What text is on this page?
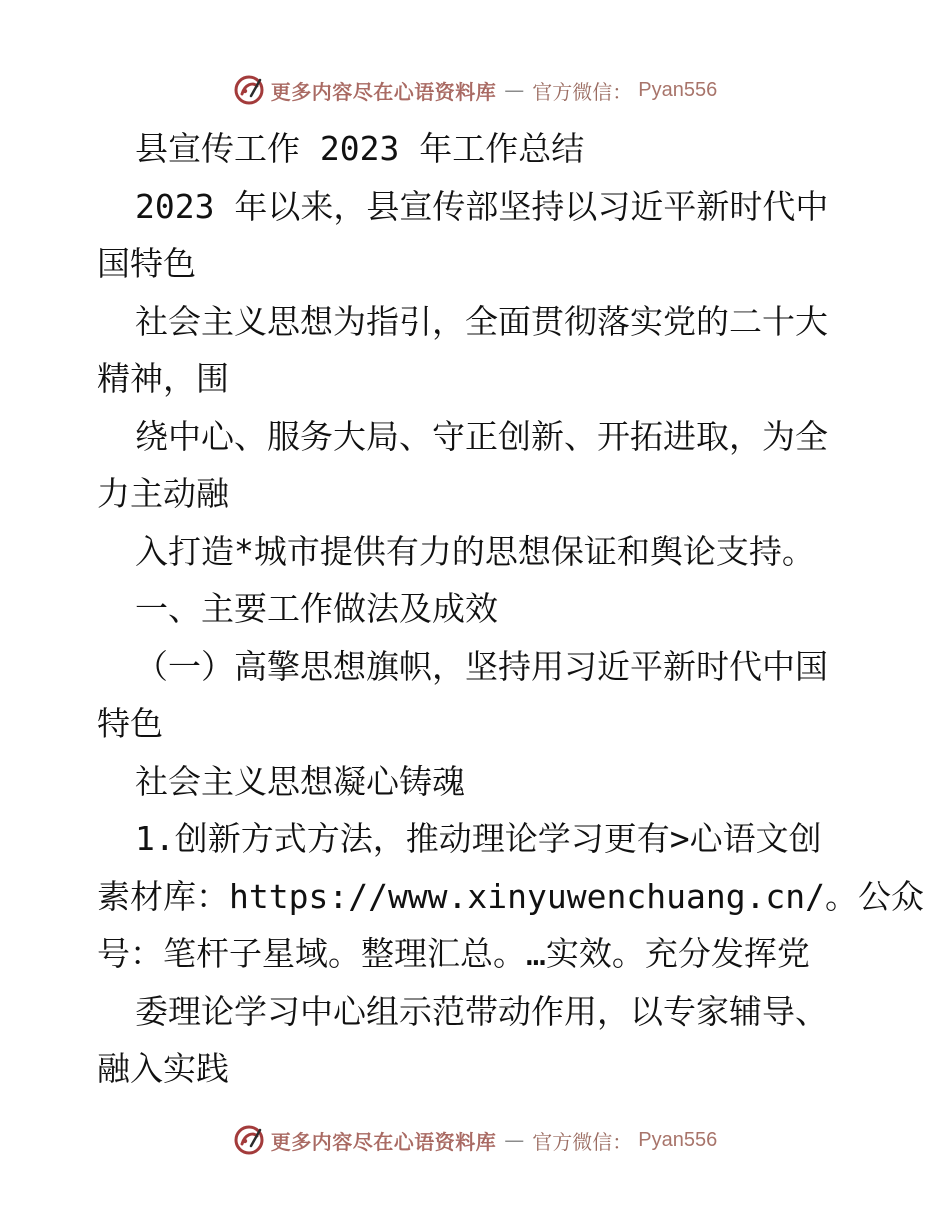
更多内容尽在心语资料库 — 官方微信： Pyan556
县宣传工作 2023 年工作总结
2023 年以来，县宣传部坚持以习近平新时代中
国特色
社会主义思想为指引，全面贯彻落实党的二十大
精神，围
绕中心、服务大局、守正创新、开拓进取，为全
力主动融
入打造*城市提供有力的思想保证和舆论支持。
一、主要工作做法及成效
（一）高擎思想旗帜，坚持用习近平新时代中国
特色
社会主义思想凝心铸魂
1.创新方式方法，推动理论学习更有>心语文创
素材库：https://www.xinyuwenchuang.cn/。公众
号：笔杆子星域。整理汇总。…实效。充分发挥党
委理论学习中心组示范带动作用，以专家辅导、
融入实践
更多内容尽在心语资料库 — 官方微信： Pyan556
